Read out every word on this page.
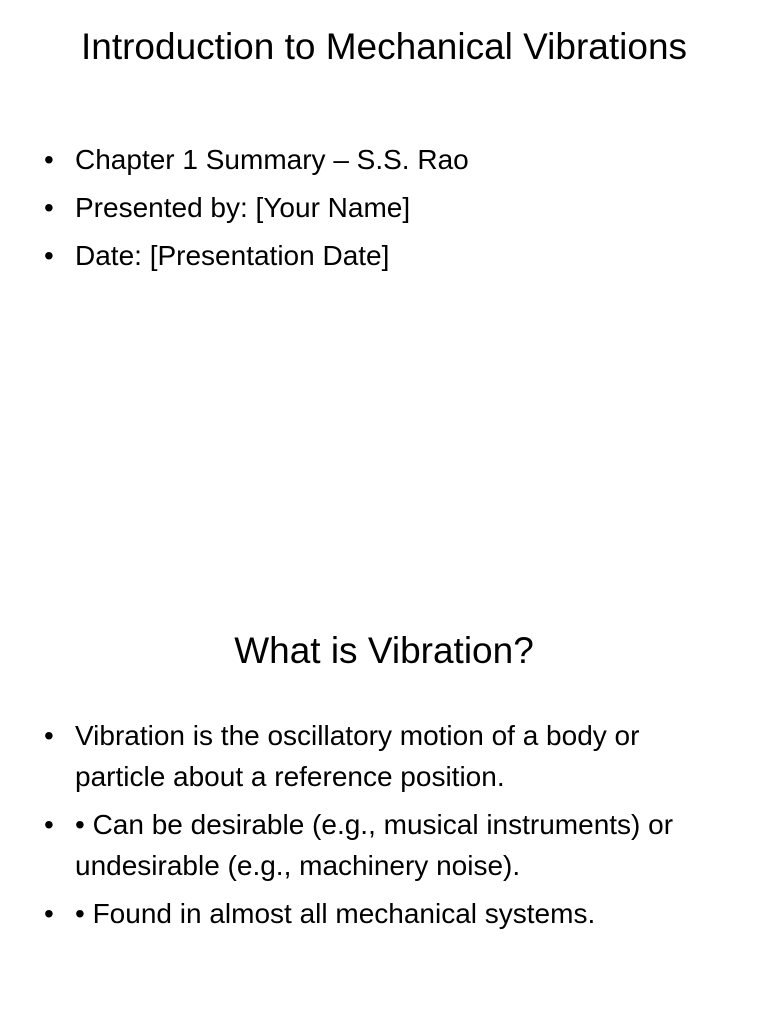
Introduction to Mechanical Vibrations
• Chapter 1 Summary – S.S. Rao
• Presented by: [Your Name]
• Date: [Presentation Date]
What is Vibration?
• Vibration is the oscillatory motion of a body or particle about a reference position.
• • Can be desirable (e.g., musical instruments) or undesirable (e.g., machinery noise).
• • Found in almost all mechanical systems.
